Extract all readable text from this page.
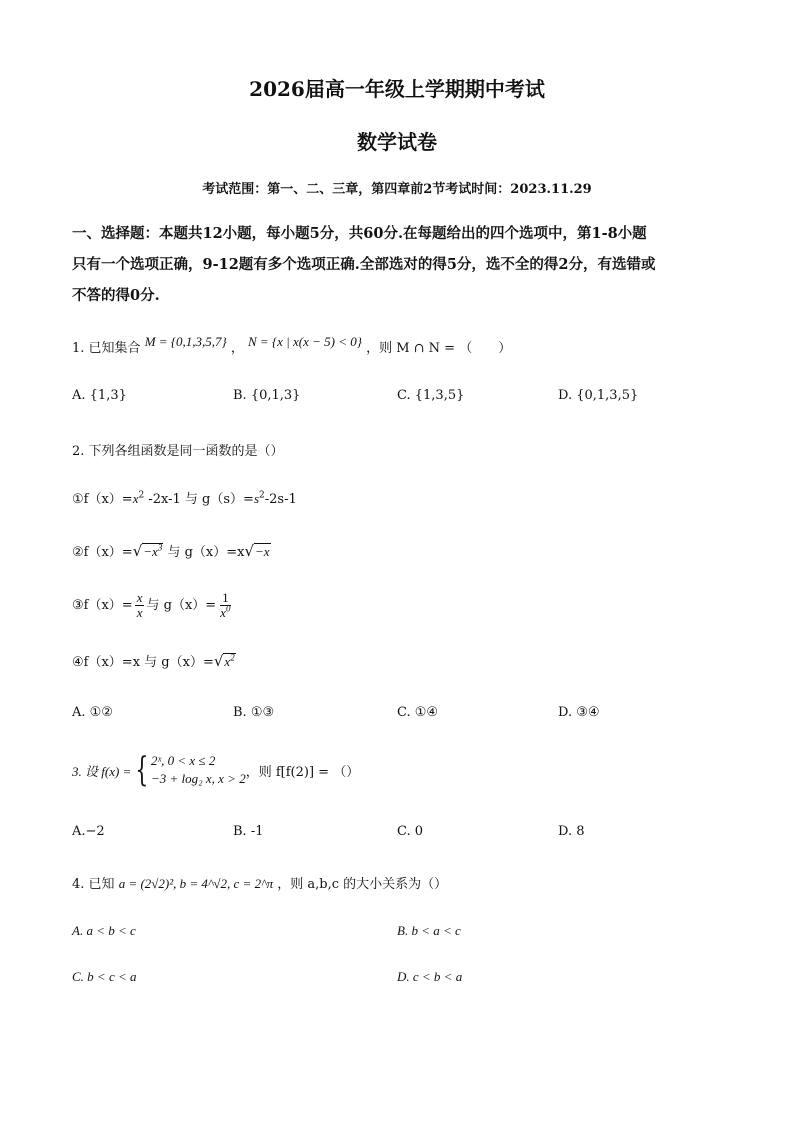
2026届高一年级上学期期中考试
数学试卷
考试范围：第一、二、三章，第四章前2节考试时间：2023.11.29
一、选择题：本题共12小题，每小题5分，共60分.在每题给出的四个选项中，第1-8小题
只有一个选项正确，9-12题有多个选项正确.全部选对的得5分，选不全的得2分，有选错或
不答的得0分.
1. 已知集合 M = {0,1,3,5,7} ， N = {x | x(x − 5) < 0} ，则 M ∩ N = （　　）
A. {1,3}	B. {0,1,3}	C. {1,3,5}	D. {0,1,3,5}
2. 下列各组函数是同一函数的是（）
$①f(x)=x^2$ -2x-1 与 $g(s)=s^2-2s-1$
$②f(x)=√-x^3$ 与 g（x）=x√−x
③f（x）= $\frac{x}{x}$ 与 $g(x)= \frac{1}{x^0}$
④f（x）=x 与 $g(x)=√x^2$
A. ①②	B. ①③	C. ①④	D. ③④
3. 设 f(x) = { 2ˣ, 0 < x ≤ 2
−3 + log₂ x, x > 2 ，则 f[f(2)] = （）
A.−2	B. -1	C. 0	D. 8
4. 已知 a = (2√2)², b = 4^√2, c = 2^π ，则 a,b,c 的大小关系为（）
A. a < b < c	B. b < a < c
C. b < c < a	D. c < b < a
